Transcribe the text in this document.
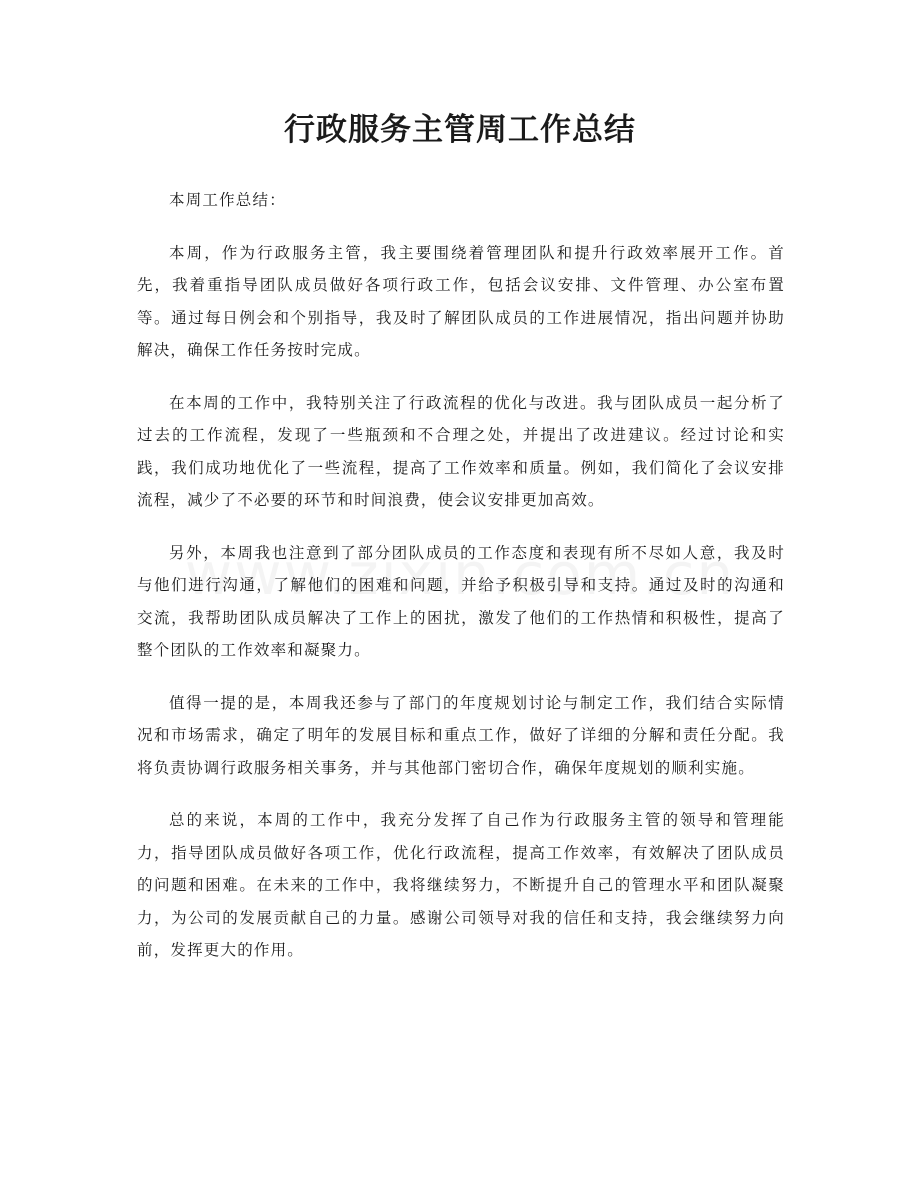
行政服务主管周工作总结

本周工作总结：

本周，作为行政服务主管，我主要围绕着管理团队和提升行政效率展开工作。首先，我着重指导团队成员做好各项行政工作，包括会议安排、文件管理、办公室布置等。通过每日例会和个别指导，我及时了解团队成员的工作进展情况，指出问题并协助解决，确保工作任务按时完成。

在本周的工作中，我特别关注了行政流程的优化与改进。我与团队成员一起分析了过去的工作流程，发现了一些瓶颈和不合理之处，并提出了改进建议。经过讨论和实践，我们成功地优化了一些流程，提高了工作效率和质量。例如，我们简化了会议安排流程，减少了不必要的环节和时间浪费，使会议安排更加高效。

另外，本周我也注意到了部分团队成员的工作态度和表现有所不尽如人意，我及时与他们进行沟通，了解他们的困难和问题，并给予积极引导和支持。通过及时的沟通和交流，我帮助团队成员解决了工作上的困扰，激发了他们的工作热情和积极性，提高了整个团队的工作效率和凝聚力。

值得一提的是，本周我还参与了部门的年度规划讨论与制定工作，我们结合实际情况和市场需求，确定了明年的发展目标和重点工作，做好了详细的分解和责任分配。我将负责协调行政服务相关事务，并与其他部门密切合作，确保年度规划的顺利实施。

总的来说，本周的工作中，我充分发挥了自己作为行政服务主管的领导和管理能力，指导团队成员做好各项工作，优化行政流程，提高工作效率，有效解决了团队成员的问题和困难。在未来的工作中，我将继续努力，不断提升自己的管理水平和团队凝聚力，为公司的发展贡献自己的力量。感谢公司领导对我的信任和支持，我会继续努力向前，发挥更大的作用。
